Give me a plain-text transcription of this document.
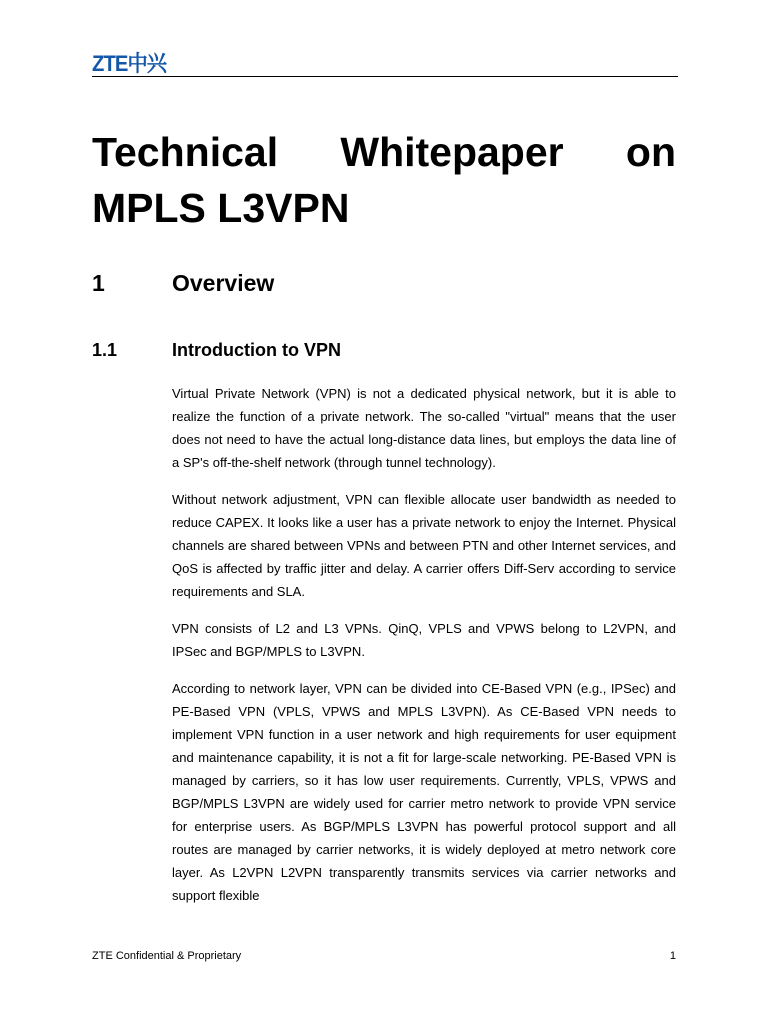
ZTE中兴
Technical Whitepaper on MPLS L3VPN
1	Overview
1.1	Introduction to VPN

Virtual Private Network (VPN) is not a dedicated physical network, but it is able to realize the function of a private network. The so-called "virtual" means that the user does not need to have the actual long-distance data lines, but employs the data line of a SP's off-the-shelf network (through tunnel technology).

Without network adjustment, VPN can flexible allocate user bandwidth as needed to reduce CAPEX. It looks like a user has a private network to enjoy the Internet. Physical channels are shared between VPNs and between PTN and other Internet services, and QoS is affected by traffic jitter and delay. A carrier offers Diff-Serv according to service requirements and SLA.

VPN consists of L2 and L3 VPNs. QinQ, VPLS and VPWS belong to L2VPN, and IPSec and BGP/MPLS to L3VPN.

According to network layer, VPN can be divided into CE-Based VPN (e.g., IPSec) and PE-Based VPN (VPLS, VPWS and MPLS L3VPN). As CE-Based VPN needs to implement VPN function in a user network and high requirements for user equipment and maintenance capability, it is not a fit for large-scale networking. PE-Based VPN is managed by carriers, so it has low user requirements. Currently, VPLS, VPWS and BGP/MPLS L3VPN are widely used for carrier metro network to provide VPN service for enterprise users. As BGP/MPLS L3VPN has powerful protocol support and all routes are managed by carrier networks, it is widely deployed at metro network core layer. As L2VPN L2VPN transparently transmits services via carrier networks and support flexible

ZTE Confidential & Proprietary	1
